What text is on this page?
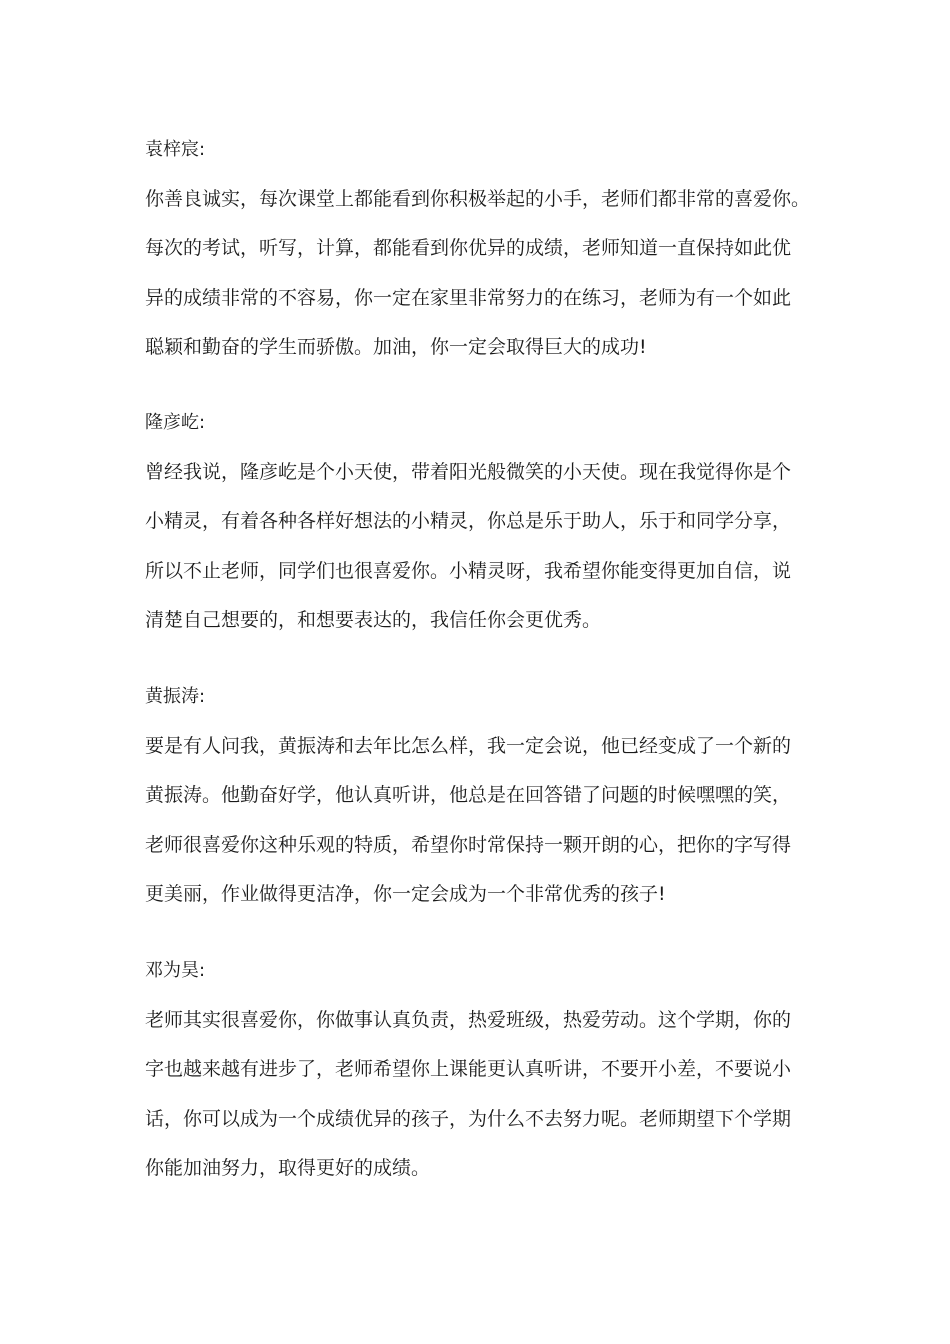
袁梓宸:

你善良诚实，每次课堂上都能看到你积极举起的小手，老师们都非常的喜爱你。
每次的考试，听写，计算，都能看到你优异的成绩，老师知道一直保持如此优
异的成绩非常的不容易，你一定在家里非常努力的在练习，老师为有一个如此
聪颖和勤奋的学生而骄傲。加油，你一定会取得巨大的成功!

隆彦屹:

曾经我说，隆彦屹是个小天使，带着阳光般微笑的小天使。现在我觉得你是个
小精灵，有着各种各样好想法的小精灵，你总是乐于助人，乐于和同学分享，
所以不止老师，同学们也很喜爱你。小精灵呀，我希望你能变得更加自信，说
清楚自己想要的，和想要表达的，我信任你会更优秀。

黄振涛:

要是有人问我，黄振涛和去年比怎么样，我一定会说，他已经变成了一个新的
黄振涛。他勤奋好学，他认真听讲，他总是在回答错了问题的时候嘿嘿的笑，
老师很喜爱你这种乐观的特质，希望你时常保持一颗开朗的心，把你的字写得
更美丽，作业做得更洁净，你一定会成为一个非常优秀的孩子!

邓为昊:

老师其实很喜爱你，你做事认真负责，热爱班级，热爱劳动。这个学期，你的
字也越来越有进步了，老师希望你上课能更认真听讲，不要开小差，不要说小
话，你可以成为一个成绩优异的孩子，为什么不去努力呢。老师期望下个学期
你能加油努力，取得更好的成绩。
